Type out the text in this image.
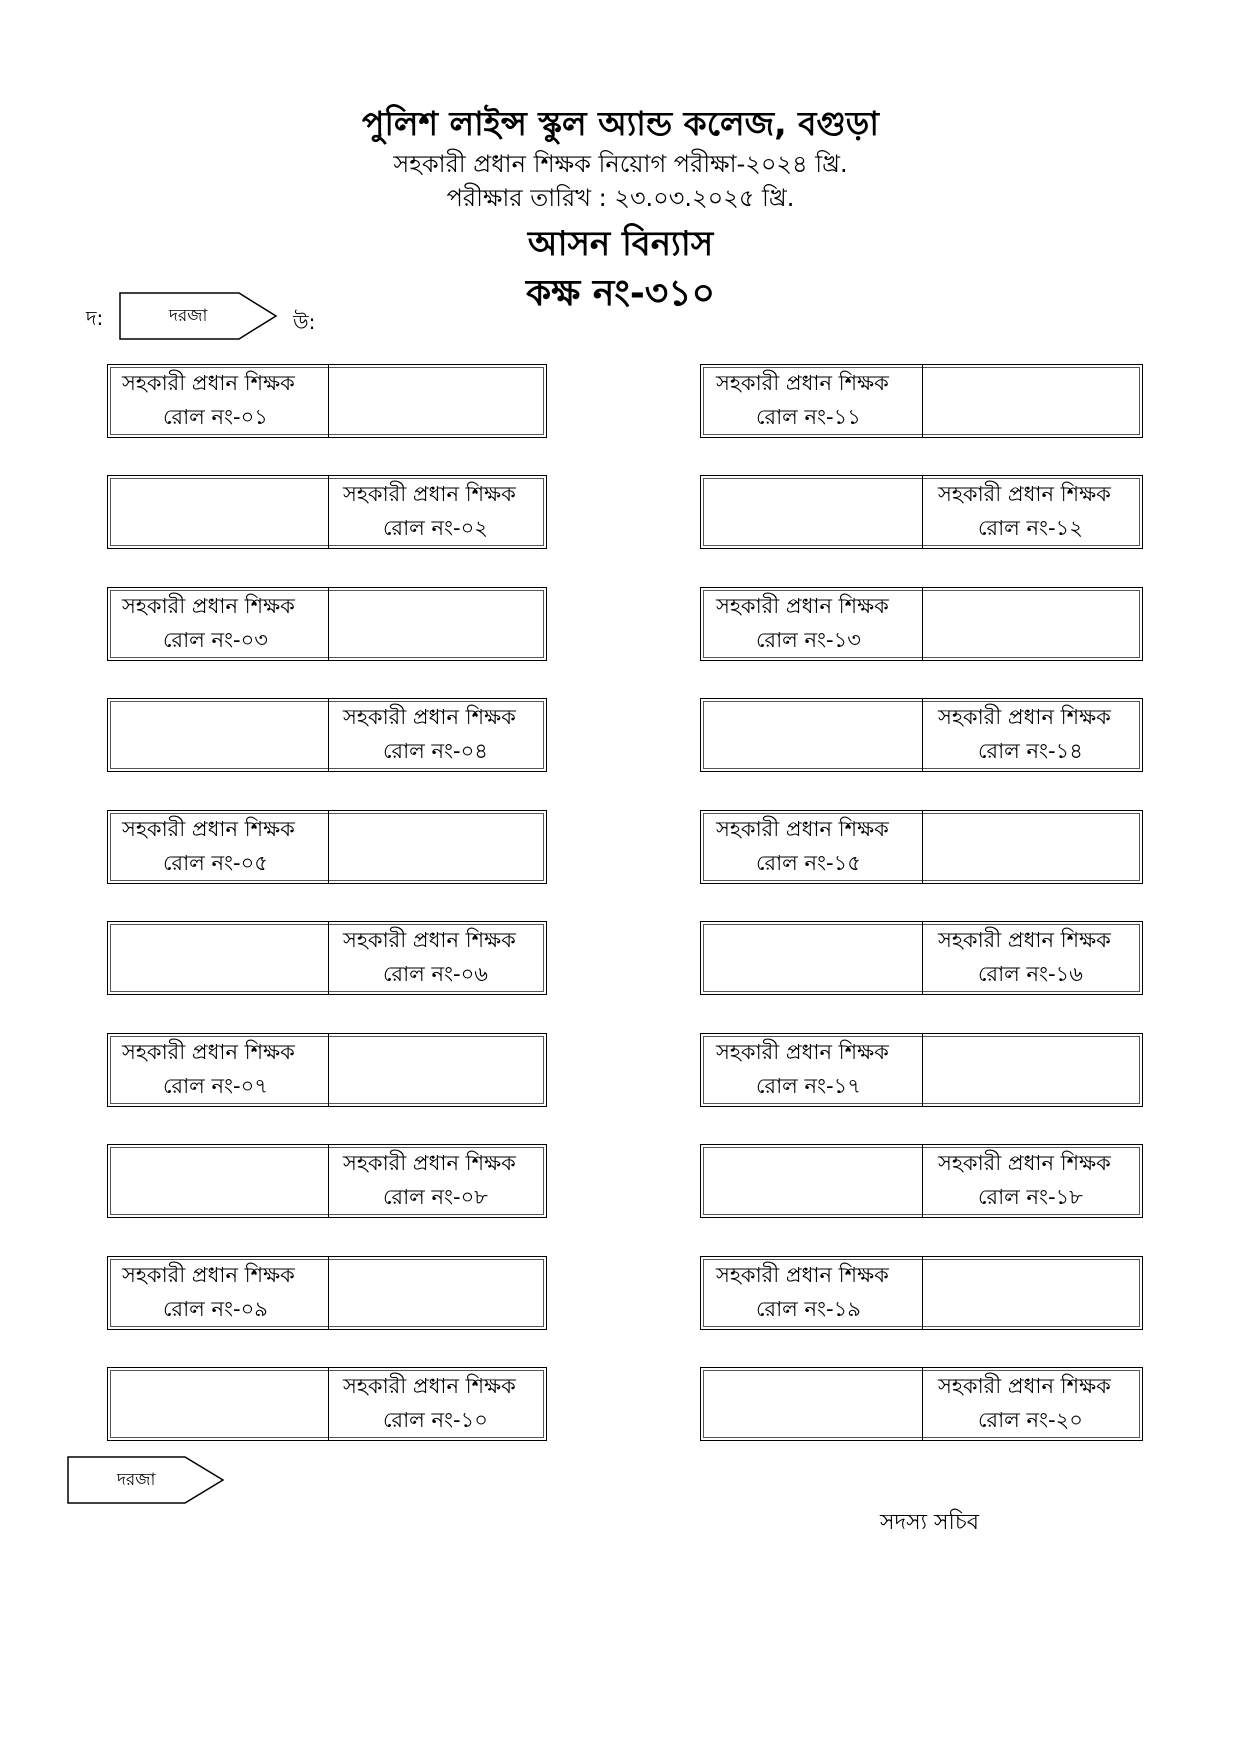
পুলিশ লাইন্স স্কুল অ্যান্ড কলেজ, বগুড়া
সহকারী প্রধান শিক্ষক নিয়োগ পরীক্ষা-২০২৪ খ্রি.
পরীক্ষার তারিখ : ২৩.০৩.২০২৫ খ্রি.
আসন বিন্যাস
কক্ষ নং-৩১০
দ:	উ:
দরজা
দরজা
সহকারী প্রধান শিক্ষক
রোল নং-০১
সহকারী প্রধান শিক্ষক
রোল নং-০২
সহকারী প্রধান শিক্ষক
রোল নং-০৩
সহকারী প্রধান শিক্ষক
রোল নং-০৪
সহকারী প্রধান শিক্ষক
রোল নং-০৫
সহকারী প্রধান শিক্ষক
রোল নং-০৬
সহকারী প্রধান শিক্ষক
রোল নং-০৭
সহকারী প্রধান শিক্ষক
রোল নং-০৮
সহকারী প্রধান শিক্ষক
রোল নং-০৯
সহকারী প্রধান শিক্ষক
রোল নং-১০
সহকারী প্রধান শিক্ষক
রোল নং-১১
সহকারী প্রধান শিক্ষক
রোল নং-১২
সহকারী প্রধান শিক্ষক
রোল নং-১৩
সহকারী প্রধান শিক্ষক
রোল নং-১৪
সহকারী প্রধান শিক্ষক
রোল নং-১৫
সহকারী প্রধান শিক্ষক
রোল নং-১৬
সহকারী প্রধান শিক্ষক
রোল নং-১৭
সহকারী প্রধান শিক্ষক
রোল নং-১৮
সহকারী প্রধান শিক্ষক
রোল নং-১৯
সহকারী প্রধান শিক্ষক
রোল নং-২০
সদস্য সচিব
